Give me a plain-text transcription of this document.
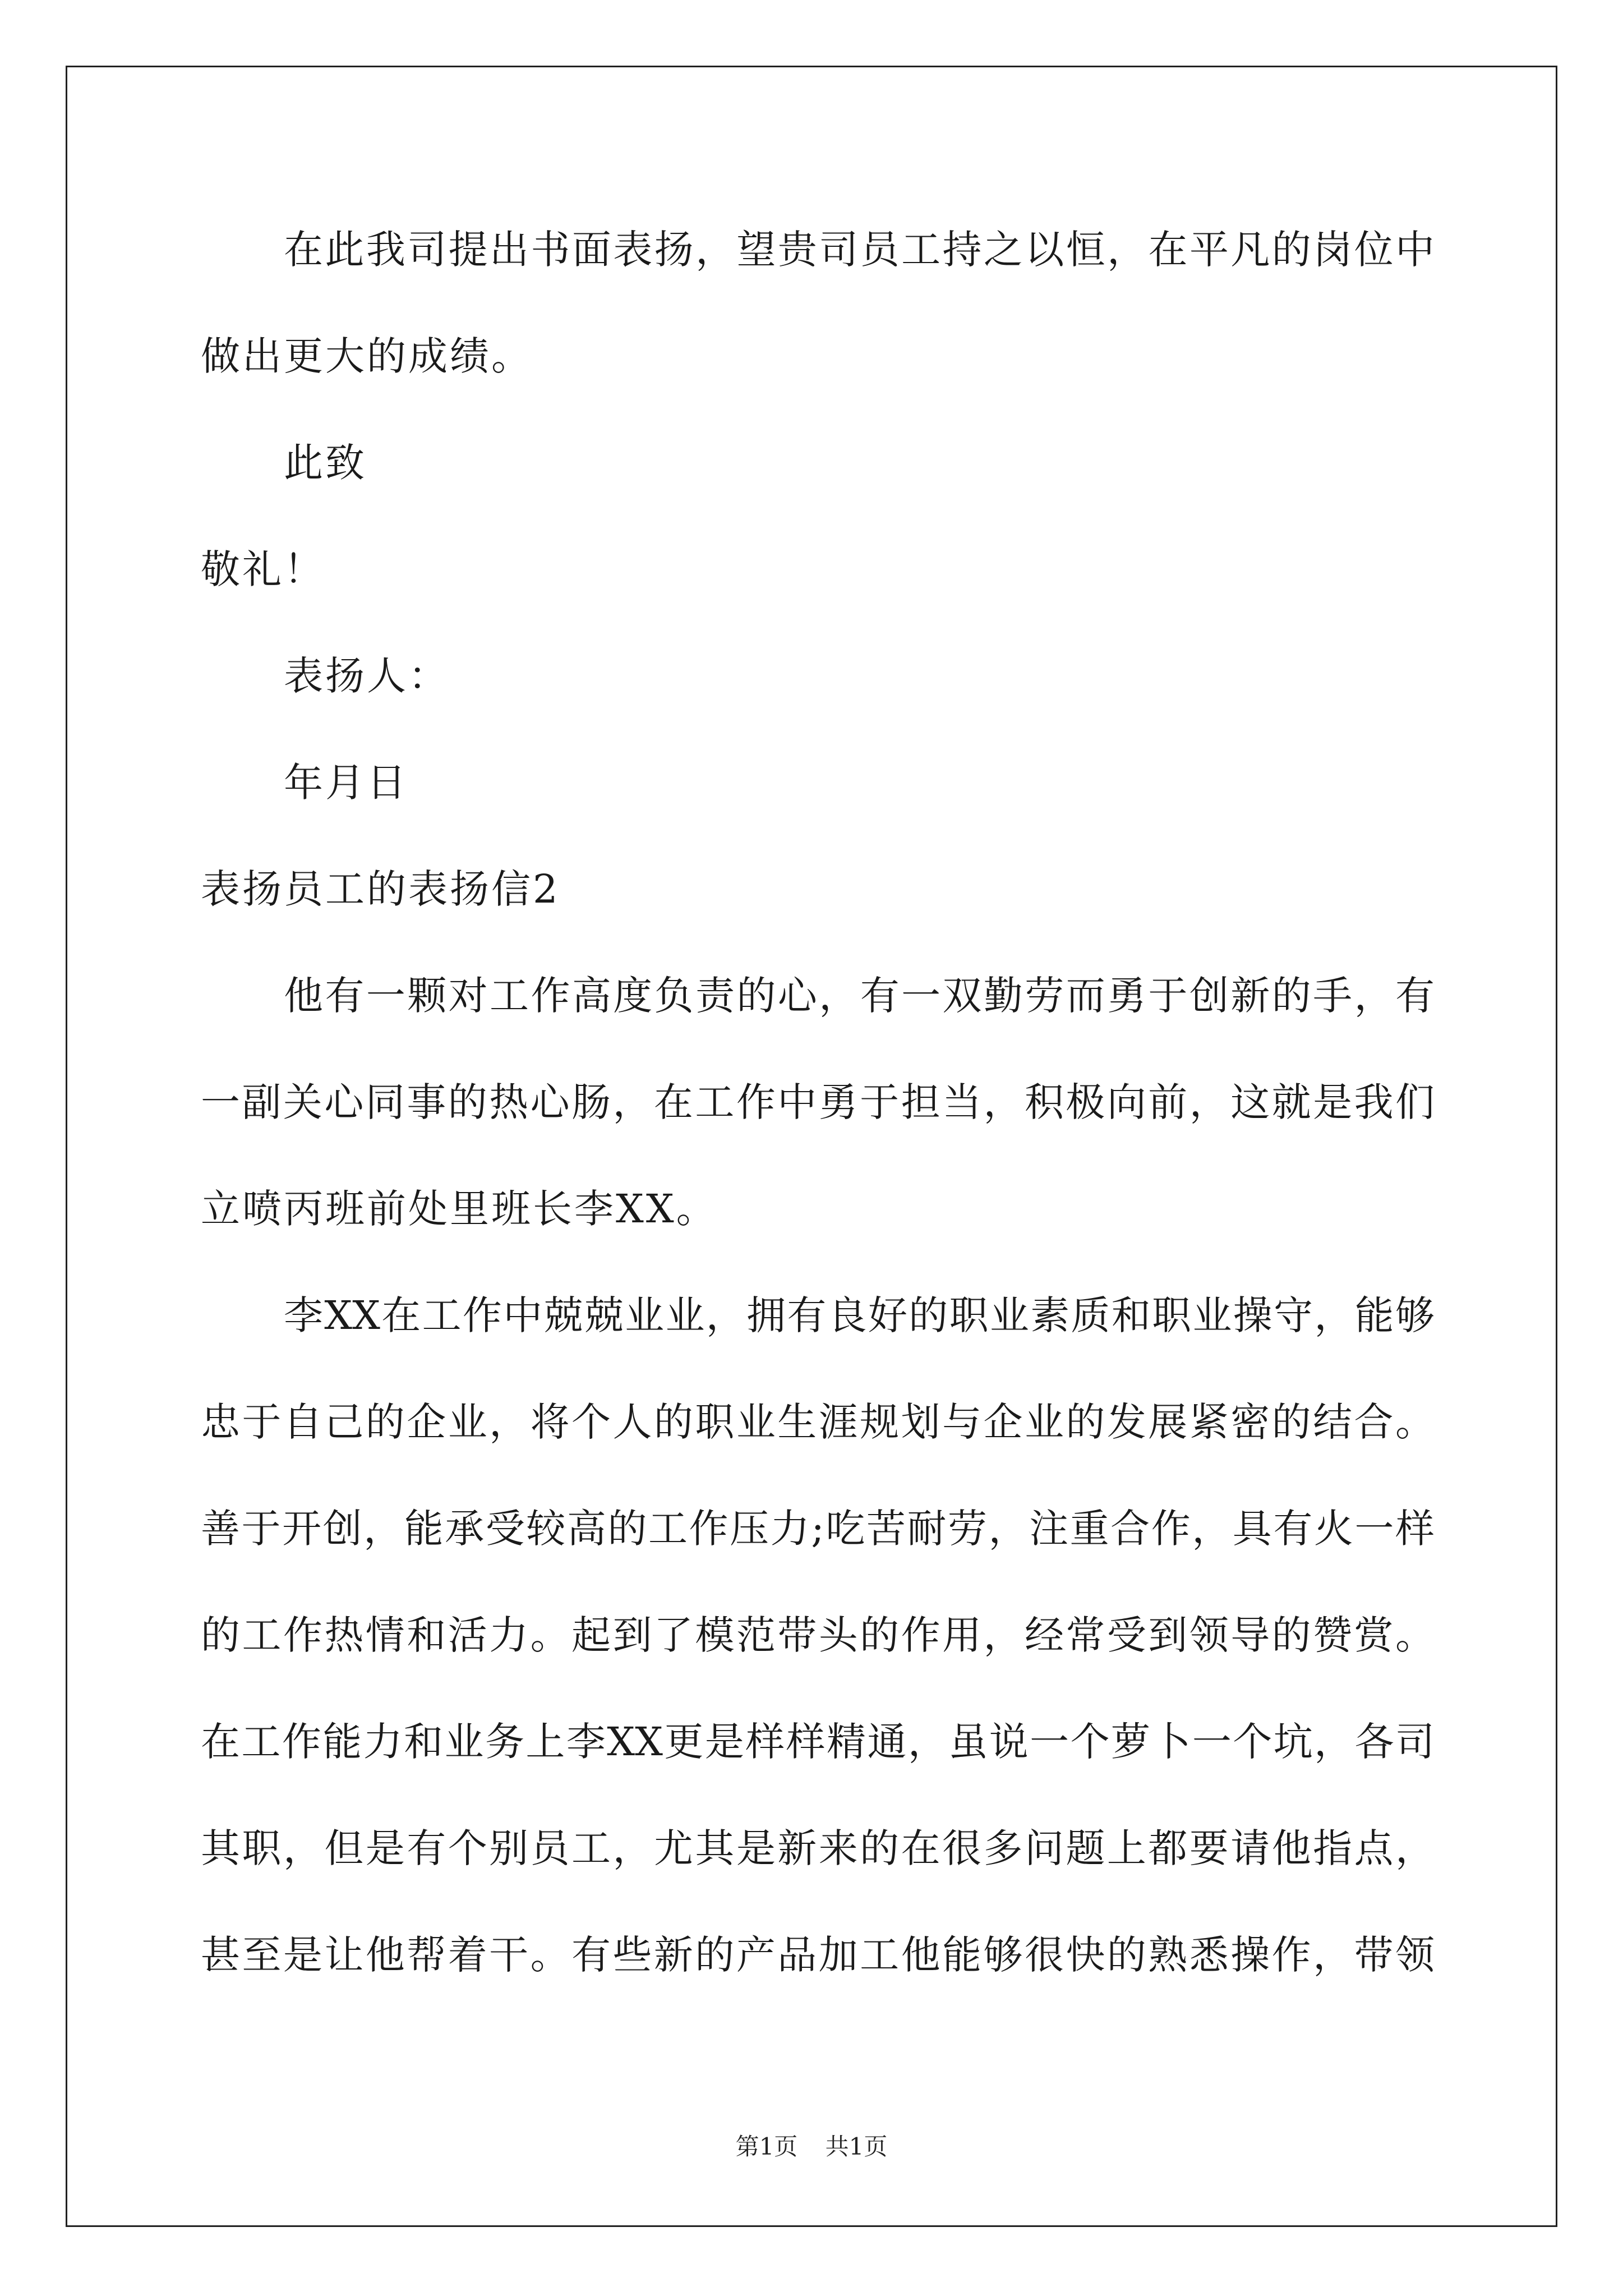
在此我司提出书面表扬，望贵司员工持之以恒，在平凡的岗位中
做出更大的成绩。
此致
敬礼！
表扬人：
年月日
表扬员工的表扬信2
他有一颗对工作高度负责的心，有一双勤劳而勇于创新的手，有
一副关心同事的热心肠，在工作中勇于担当，积极向前，这就是我们
立喷丙班前处里班长李XX。
李XX在工作中兢兢业业，拥有良好的职业素质和职业操守，能够
忠于自己的企业，将个人的职业生涯规划与企业的发展紧密的结合。
善于开创，能承受较高的工作压力;吃苦耐劳，注重合作，具有火一样
的工作热情和活力。起到了模范带头的作用，经常受到领导的赞赏。
在工作能力和业务上李XX更是样样精通，虽说一个萝卜一个坑，各司
其职，但是有个别员工，尤其是新来的在很多问题上都要请他指点，
甚至是让他帮着干。有些新的产品加工他能够很快的熟悉操作，带领
第1页 共1页
